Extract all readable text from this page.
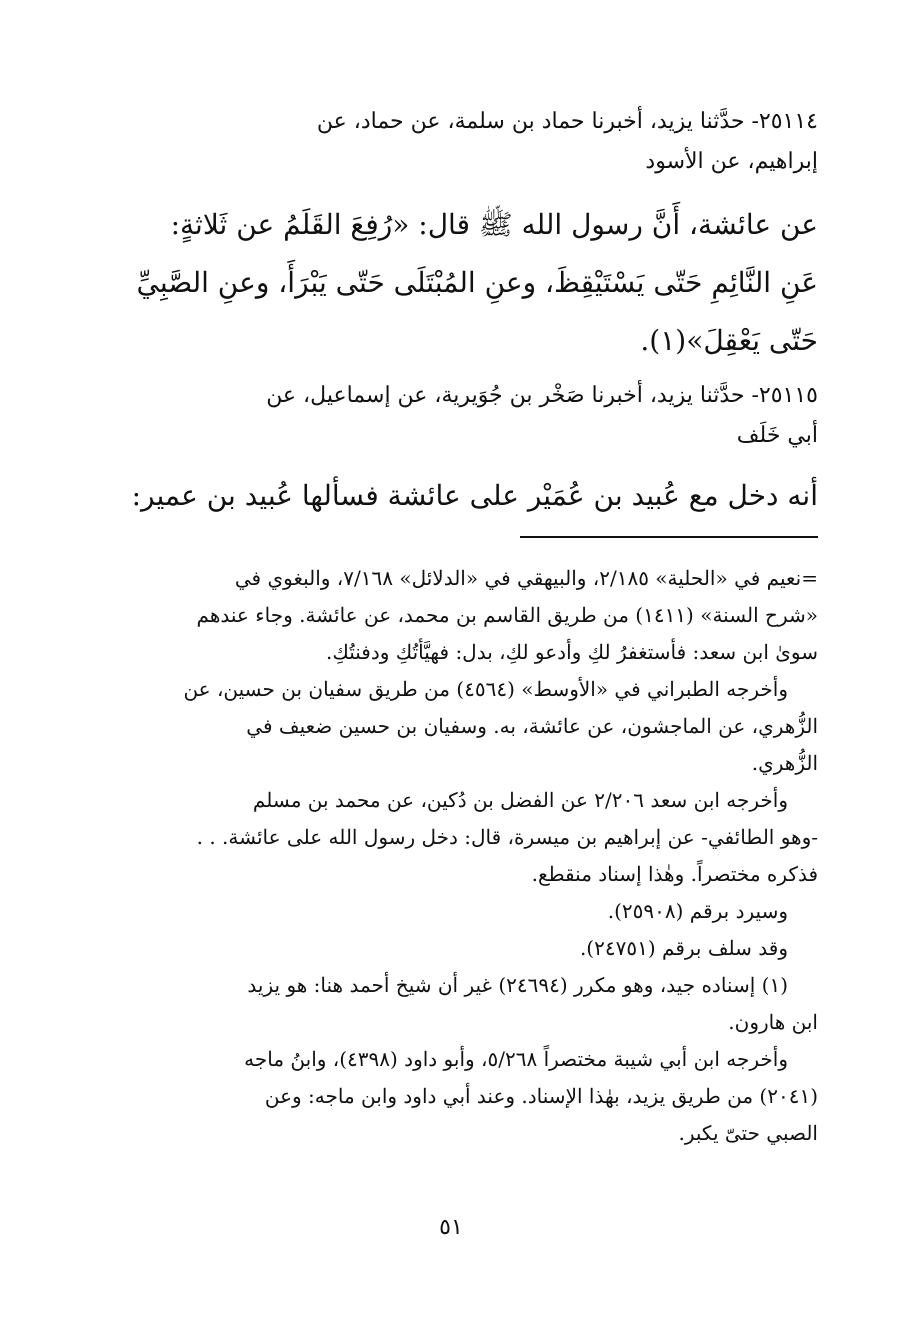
٢٥١١٤- حدَّثنا يزيد، أخبرنا حماد بن سلمة، عن حماد، عن
إبراهيم، عن الأسود
عن عائشة، أَنَّ رسول الله ﷺ قال: «رُفِعَ القَلَمُ عن ثَلاثةٍ:
عَنِ النَّائِمِ حَتّى يَسْتَيْقِظَ، وعنِ المُبْتَلَى حَتّى يَبْرَأَ، وعنِ الصَّبِيِّ
حَتّى يَعْقِلَ»(١).
٢٥١١٥- حدَّثنا يزيد، أخبرنا صَخْر بن جُوَيرية، عن إسماعيل، عن
أبي خَلَف
أنه دخل مع عُبيد بن عُمَيْر على عائشة فسألها عُبيد بن عمير:
=نعيم في «الحلية» ٢/١٨٥، والبيهقي في «الدلائل» ٧/١٦٨، والبغوي في
«شرح السنة» (١٤١١) من طريق القاسم بن محمد، عن عائشة. وجاء عندهم
سوىٰ ابن سعد: فأستغفرُ لكِ وأدعو لكِ، بدل: فهيَّأتُكِ ودفنتُكِ.
وأخرجه الطبراني في «الأوسط» (٤٥٦٤) من طريق سفيان بن حسين، عن
الزُّهري، عن الماجشون، عن عائشة، به. وسفيان بن حسين ضعيف في
الزُّهري.
وأخرجه ابن سعد ٢/٢٠٦ عن الفضل بن دُكين، عن محمد بن مسلم
-وهو الطائفي- عن إبراهيم بن ميسرة، قال: دخل رسول الله على عائشة. . .
فذكره مختصراً. وهٰذا إسناد منقطع.
وسيرد برقم (٢٥٩٠٨).
وقد سلف برقم (٢٤٧٥١).
(١) إسناده جيد، وهو مكرر (٢٤٦٩٤) غير أن شيخ أحمد هنا: هو يزيد
ابن هارون.
وأخرجه ابن أبي شيبة مختصراً ٥/٢٦٨، وأبو داود (٤٣٩٨)، وابنُ ماجه
(٢٠٤١) من طريق يزيد، بهٰذا الإسناد. وعند أبي داود وابن ماجه: وعن
الصبي حتىّ يكبر.
٥١
